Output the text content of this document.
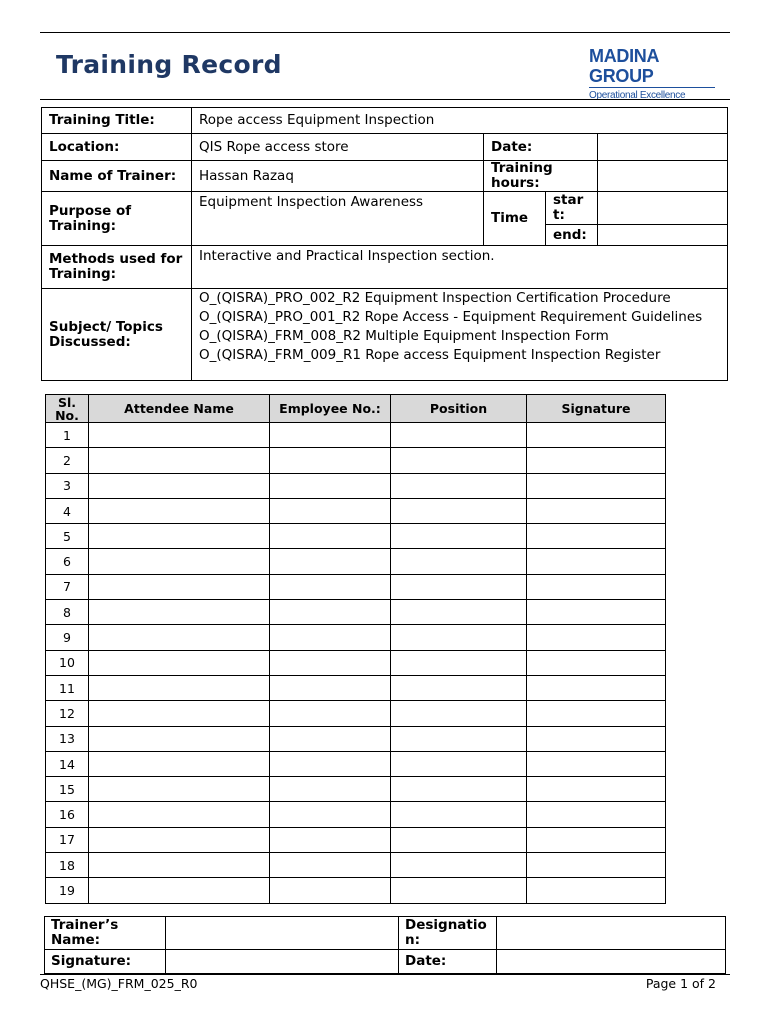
Training Record	MADINA GROUP
Operational Excellence
Training Title:	Rope access Equipment Inspection			
Location:	QIS Rope access store	Date:		
Name of Trainer:	Hassan Razaq	Training hours:		
Purpose of Training:	Equipment Inspection Awareness	Time	start:	
			end:	
Methods used for Training:	Interactive and Practical Inspection section.			
Subject/ Topics Discussed:	O_(QISRA)_PRO_002_R2 Equipment Inspection Certification Procedure
O_(QISRA)_PRO_001_R2 Rope Access - Equipment Requirement Guidelines
O_(QISRA)_FRM_008_R2 Multiple Equipment Inspection Form
O_(QISRA)_FRM_009_R1 Rope access Equipment Inspection Register			
Sl. No.	Attendee Name	Employee No.:	Position	Signature
1				
2				
3				
4				
5				
6				
7				
8				
9				
10				
11				
12				
13				
14				
15				
16				
17				
18				
19				
Trainer’s Name:		Designation:	
Signature:		Date:	
QHSE_(MG)_FRM_025_R0	Page 1 of 2
